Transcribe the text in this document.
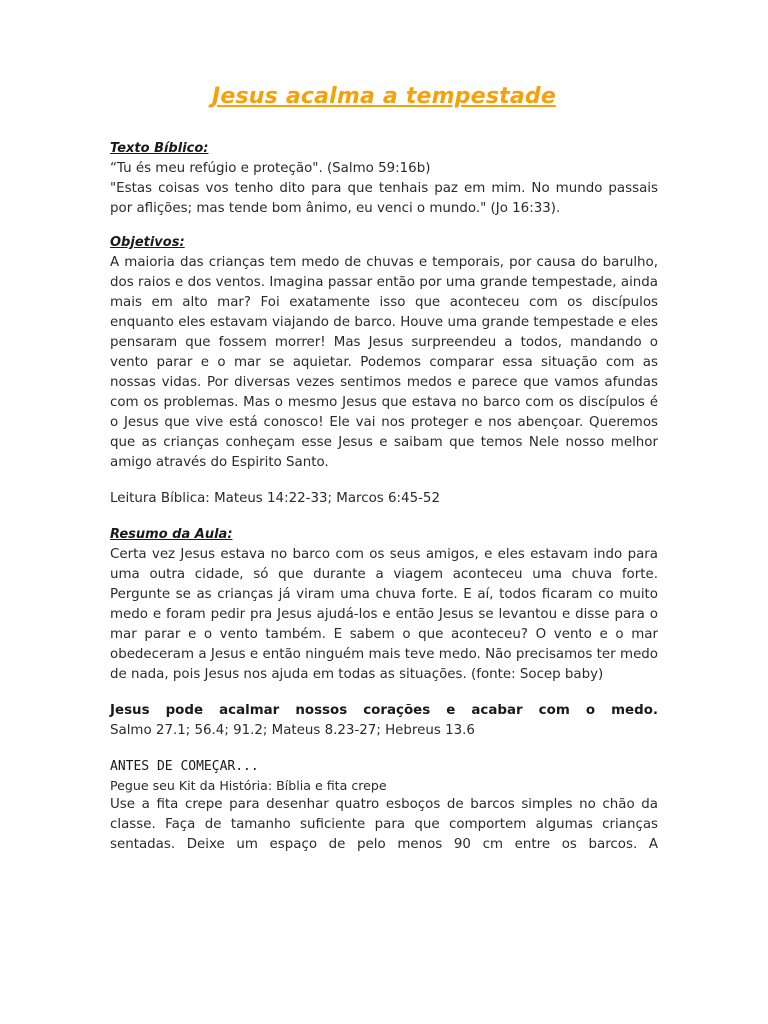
Jesus acalma a tempestade

Texto Bíblico:

“Tu és meu refúgio e proteção". (Salmo 59:16b)

"Estas coisas vos tenho dito para que tenhais paz em mim. No mundo passais por aflições; mas tende bom ânimo, eu venci o mundo." (Jo 16:33).

Objetivos:

A maioria das crianças tem medo de chuvas e temporais, por causa do barulho, dos raios e dos ventos. Imagina passar então por uma grande tempestade, ainda mais em alto mar? Foi exatamente isso que aconteceu com os discípulos enquanto eles estavam viajando de barco. Houve uma grande tempestade e eles pensaram que fossem morrer! Mas Jesus surpreendeu a todos, mandando o vento parar e o mar se aquietar. Podemos comparar essa situação com as nossas vidas. Por diversas vezes sentimos medos e parece que vamos afundas com os problemas. Mas o mesmo Jesus que estava no barco com os discípulos é o Jesus que vive está conosco! Ele vai nos proteger e nos abençoar. Queremos que as crianças conheçam esse Jesus e saibam que temos Nele nosso melhor amigo através do Espirito Santo.

Leitura Bíblica: Mateus 14:22-33; Marcos 6:45-52

Resumo da Aula:

Certa vez Jesus estava no barco com os seus amigos, e eles estavam indo para uma outra cidade, só que durante a viagem aconteceu uma chuva forte. Pergunte se as crianças já viram uma chuva forte. E aí, todos ficaram co muito medo e foram pedir pra Jesus ajudá-los e então Jesus se levantou e disse para o mar parar e o vento também. E sabem o que aconteceu? O vento e o mar obedeceram a Jesus e então ninguém mais teve medo. Não precisamos ter medo de nada, pois Jesus nos ajuda em todas as situações. (fonte: Socep baby)

Jesus pode acalmar nossos corações e acabar com o medo.

Salmo 27.1; 56.4; 91.2; Mateus 8.23-27; Hebreus 13.6

ANTES DE COMEÇAR...

Pegue seu Kit da História: Bíblia e fita crepe

Use a fita crepe para desenhar quatro esboços de barcos simples no chão da classe. Faça de tamanho suficiente para que comportem algumas crianças sentadas. Deixe um espaço de pelo menos 90 cm entre os barcos. A
